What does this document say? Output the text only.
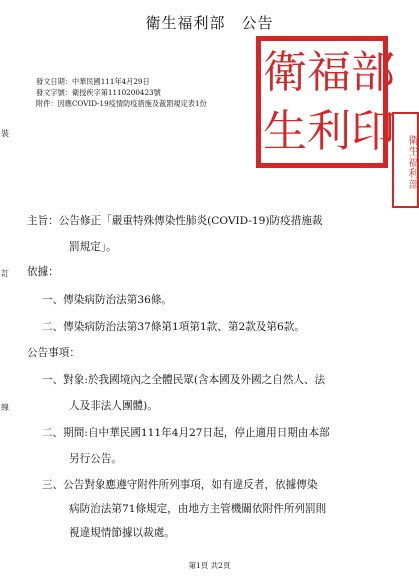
衛生福利部　公告
發文日期：中華民國111年4月29日
發文字號：衛授疾字第1110200423號
附件：因應COVID-19疫情防疫措施及裁罰規定表1份
衛 福 部
生 利 印
衛生福利部
裝
訂
線
主旨：公告修正「嚴重特殊傳染性肺炎(COVID-19)防疫措施裁
罰規定」。
依據：
一、傳染病防治法第36條。
二、傳染病防治法第37條第1項第1款、第2款及第6款。
公告事項：
一、對象:於我國境內之全體民眾(含本國及外國之自然人、法
人及非法人團體)。
二、期間:自中華民國111年4月27日起，停止適用日期由本部
另行公告。
三、公告對象應遵守附件所列事項，如有違反者，依據傳染
病防治法第71條規定，由地方主管機關依附件所列罰則
視違規情節據以裁處。
第1頁 共2頁
